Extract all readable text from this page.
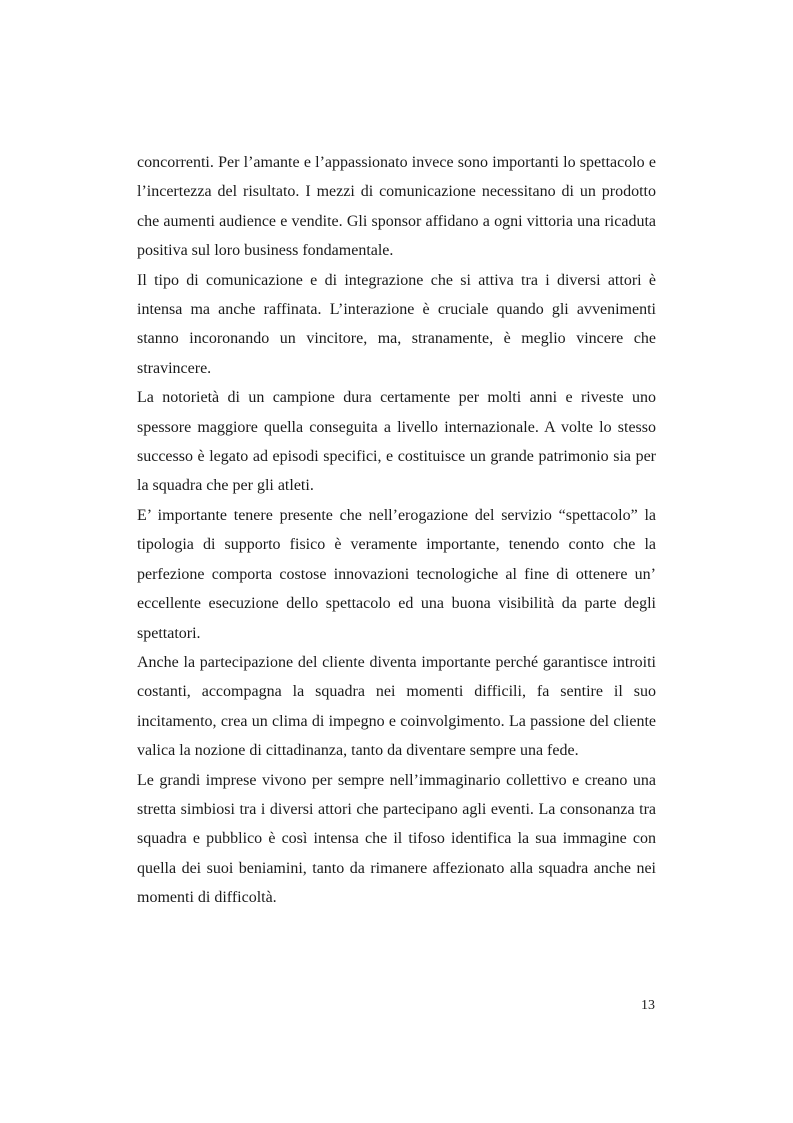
concorrenti. Per l’amante e l’appassionato invece sono importanti lo spettacolo e l’incertezza del risultato. I mezzi di comunicazione necessitano di un prodotto che aumenti audience e vendite. Gli sponsor affidano a ogni vittoria una ricaduta positiva sul loro business fondamentale.

Il tipo di comunicazione e di integrazione che si attiva tra i diversi attori è intensa ma anche raffinata. L’interazione è cruciale quando gli avvenimenti stanno incoronando un vincitore, ma, stranamente, è meglio vincere che stravincere.

La notorietà di un campione dura certamente per molti anni e riveste uno spessore maggiore quella conseguita a livello internazionale. A volte lo stesso successo è legato ad episodi specifici, e costituisce un grande patrimonio sia per la squadra che per gli atleti.

E’ importante tenere presente che nell’erogazione del servizio “spettacolo” la tipologia di supporto fisico è veramente importante, tenendo conto che la perfezione comporta costose innovazioni tecnologiche al fine di ottenere un’ eccellente esecuzione dello spettacolo ed una buona visibilità da parte degli spettatori.

Anche la partecipazione del cliente diventa importante perché garantisce introiti costanti, accompagna la squadra nei momenti difficili, fa sentire il suo incitamento, crea un clima di impegno e coinvolgimento. La passione del cliente valica la nozione di cittadinanza, tanto da diventare sempre una fede.

Le grandi imprese vivono per sempre nell’immaginario collettivo e creano una stretta simbiosi tra i diversi attori che partecipano agli eventi. La consonanza tra squadra e pubblico è così intensa che il tifoso identifica la sua immagine con quella dei suoi beniamini, tanto da rimanere affezionato alla squadra anche nei momenti di difficoltà.

13
